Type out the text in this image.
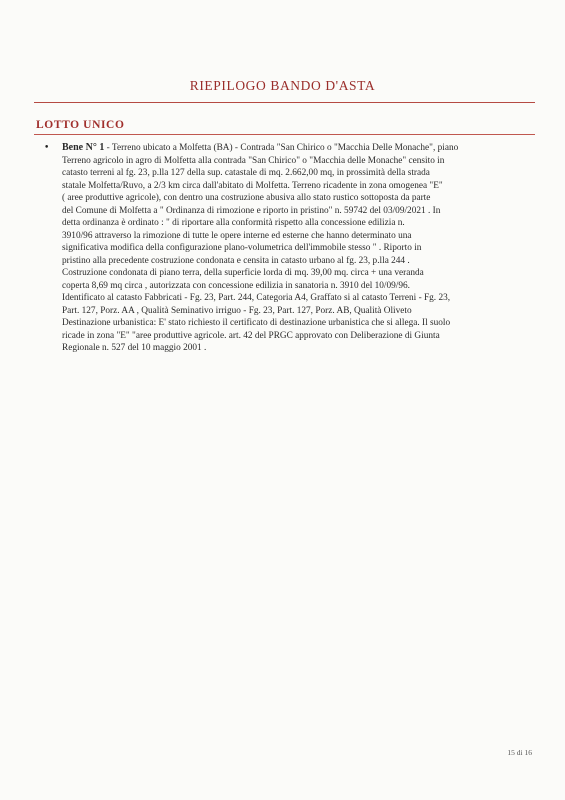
RIEPILOGO BANDO D'ASTA
LOTTO UNICO
• Bene N° 1 - Terreno ubicato a Molfetta (BA) - Contrada "San Chirico o "Macchia Delle Monache", piano
Terreno agricolo in agro di Molfetta alla contrada "San Chirico" o "Macchia delle Monache" censito in
catasto terreni al fg. 23, p.lla 127 della sup. catastale di mq. 2.662,00 mq, in prossimità della strada
statale Molfetta/Ruvo, a 2/3 km circa dall'abitato di Molfetta. Terreno ricadente in zona omogenea "E"
( aree produttive agricole), con dentro una costruzione abusiva allo stato rustico sottoposta da parte
del Comune di Molfetta a " Ordinanza di rimozione e riporto in pristino" n. 59742 del 03/09/2021 . In
detta ordinanza è ordinato : " di riportare alla conformità rispetto alla concessione edilizia n.
3910/96 attraverso la rimozione di tutte le opere interne ed esterne che hanno determinato una
significativa modifica della configurazione plano-volumetrica dell'immobile stesso " . Riporto in
pristino alla precedente costruzione condonata e censita in catasto urbano al fg. 23, p.lla 244 .
Costruzione condonata di piano terra, della superficie lorda di mq. 39,00 mq. circa + una veranda
coperta 8,69 mq circa , autorizzata con concessione edilizia in sanatoria n. 3910 del 10/09/96.
Identificato al catasto Fabbricati - Fg. 23, Part. 244, Categoria A4, Graffato si al catasto Terreni - Fg. 23,
Part. 127, Porz. AA , Qualità Seminativo irriguo - Fg. 23, Part. 127, Porz. AB, Qualità Oliveto
Destinazione urbanistica: E' stato richiesto il certificato di destinazione urbanistica che si allega. Il suolo
ricade in zona "E" "aree produttive agricole. art. 42 del PRGC approvato con Deliberazione di Giunta
Regionale n. 527 del 10 maggio 2001 .
15 di 16
